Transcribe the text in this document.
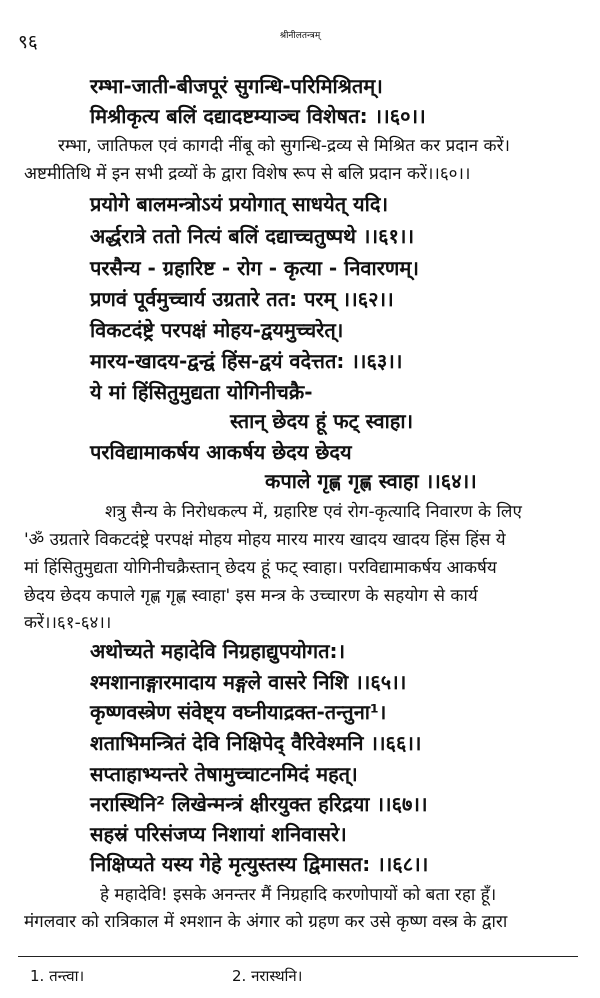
९६	श्रीनीलतन्त्रम्
रम्भा-जाती-बीजपूरं सुगन्धि-परिमिश्रितम्।
मिश्रीकृत्य बलिं दद्यादष्टम्याञ्च विशेषत: ।।६०।।
रम्भा, जातिफल एवं कागदी नींबू को सुगन्धि-द्रव्य से मिश्रित कर प्रदान करें।
अष्टमीतिथि में इन सभी द्रव्यों के द्वारा विशेष रूप से बलि प्रदान करें।।६०।।
प्रयोगे बालमन्त्रोऽयं प्रयोगात् साधयेत् यदि।
अर्द्धरात्रे ततो नित्यं बलिं दद्याच्चतुष्पथे ।।६१।।
परसैन्य - ग्रहारिष्ट - रोग - कृत्या - निवारणम्।
प्रणवं पूर्वमुच्चार्य उग्रतारे तत: परम् ।।६२।।
विकटदंष्ट्रे परपक्षं मोहय-द्वयमुच्चरेत्।
मारय-खादय-द्वन्द्वं हिंस-द्वयं वदेत्तत: ।।६३।।
ये मां हिंसितुमुद्यता योगिनीचक्रै-
स्तान् छेदय हूं फट् स्वाहा।
परविद्यामाकर्षय आकर्षय छेदय छेदय
कपाले गृह्ण गृह्ण स्वाहा ।।६४।।
शत्रु सैन्य के निरोधकल्प में, ग्रहारिष्ट एवं रोग-कृत्यादि निवारण के लिए
'ॐ उग्रतारे विकटदंष्ट्रे परपक्षं मोहय मोहय मारय मारय खादय खादय हिंस हिंस ये
मां हिंसितुमुद्यता योगिनीचक्रैस्तान् छेदय हूं फट् स्वाहा। परविद्यामाकर्षय आकर्षय
छेदय छेदय कपाले गृह्ण गृह्ण स्वाहा' इस मन्त्र के उच्चारण के सहयोग से कार्य
करें।।६१-६४।।
अथोच्यते महादेवि निग्रहाद्युपयोगत:।
श्मशानाङ्गारमादाय मङ्गले वासरे निशि ।।६५।।
कृष्णवस्त्रेण संवेष्ट्य वघ्नीयाद्रक्त-तन्तुना¹।
शताभिमन्त्रितं देवि निक्षिपेद् वैरिवेश्मनि ।।६६।।
सप्ताहाभ्यन्तरे तेषामुच्चाटनमिदं महत्।
नरास्थिनि² लिखेन्मन्त्रं क्षीरयुक्त हरिद्रया ।।६७।।
सहस्रं परिसंजप्य निशायां शनिवासरे।
निक्षिप्यते यस्य गेहे मृत्युस्तस्य द्विमासत: ।।६८।।
हे महादेवि! इसके अनन्तर मैं निग्रहादि करणोपायों को बता रहा हूँ।
मंगलवार को रात्रिकाल में श्मशान के अंगार को ग्रहण कर उसे कृष्ण वस्त्र के द्वारा
1. तन्त्वा।	2. नरास्थनि।
